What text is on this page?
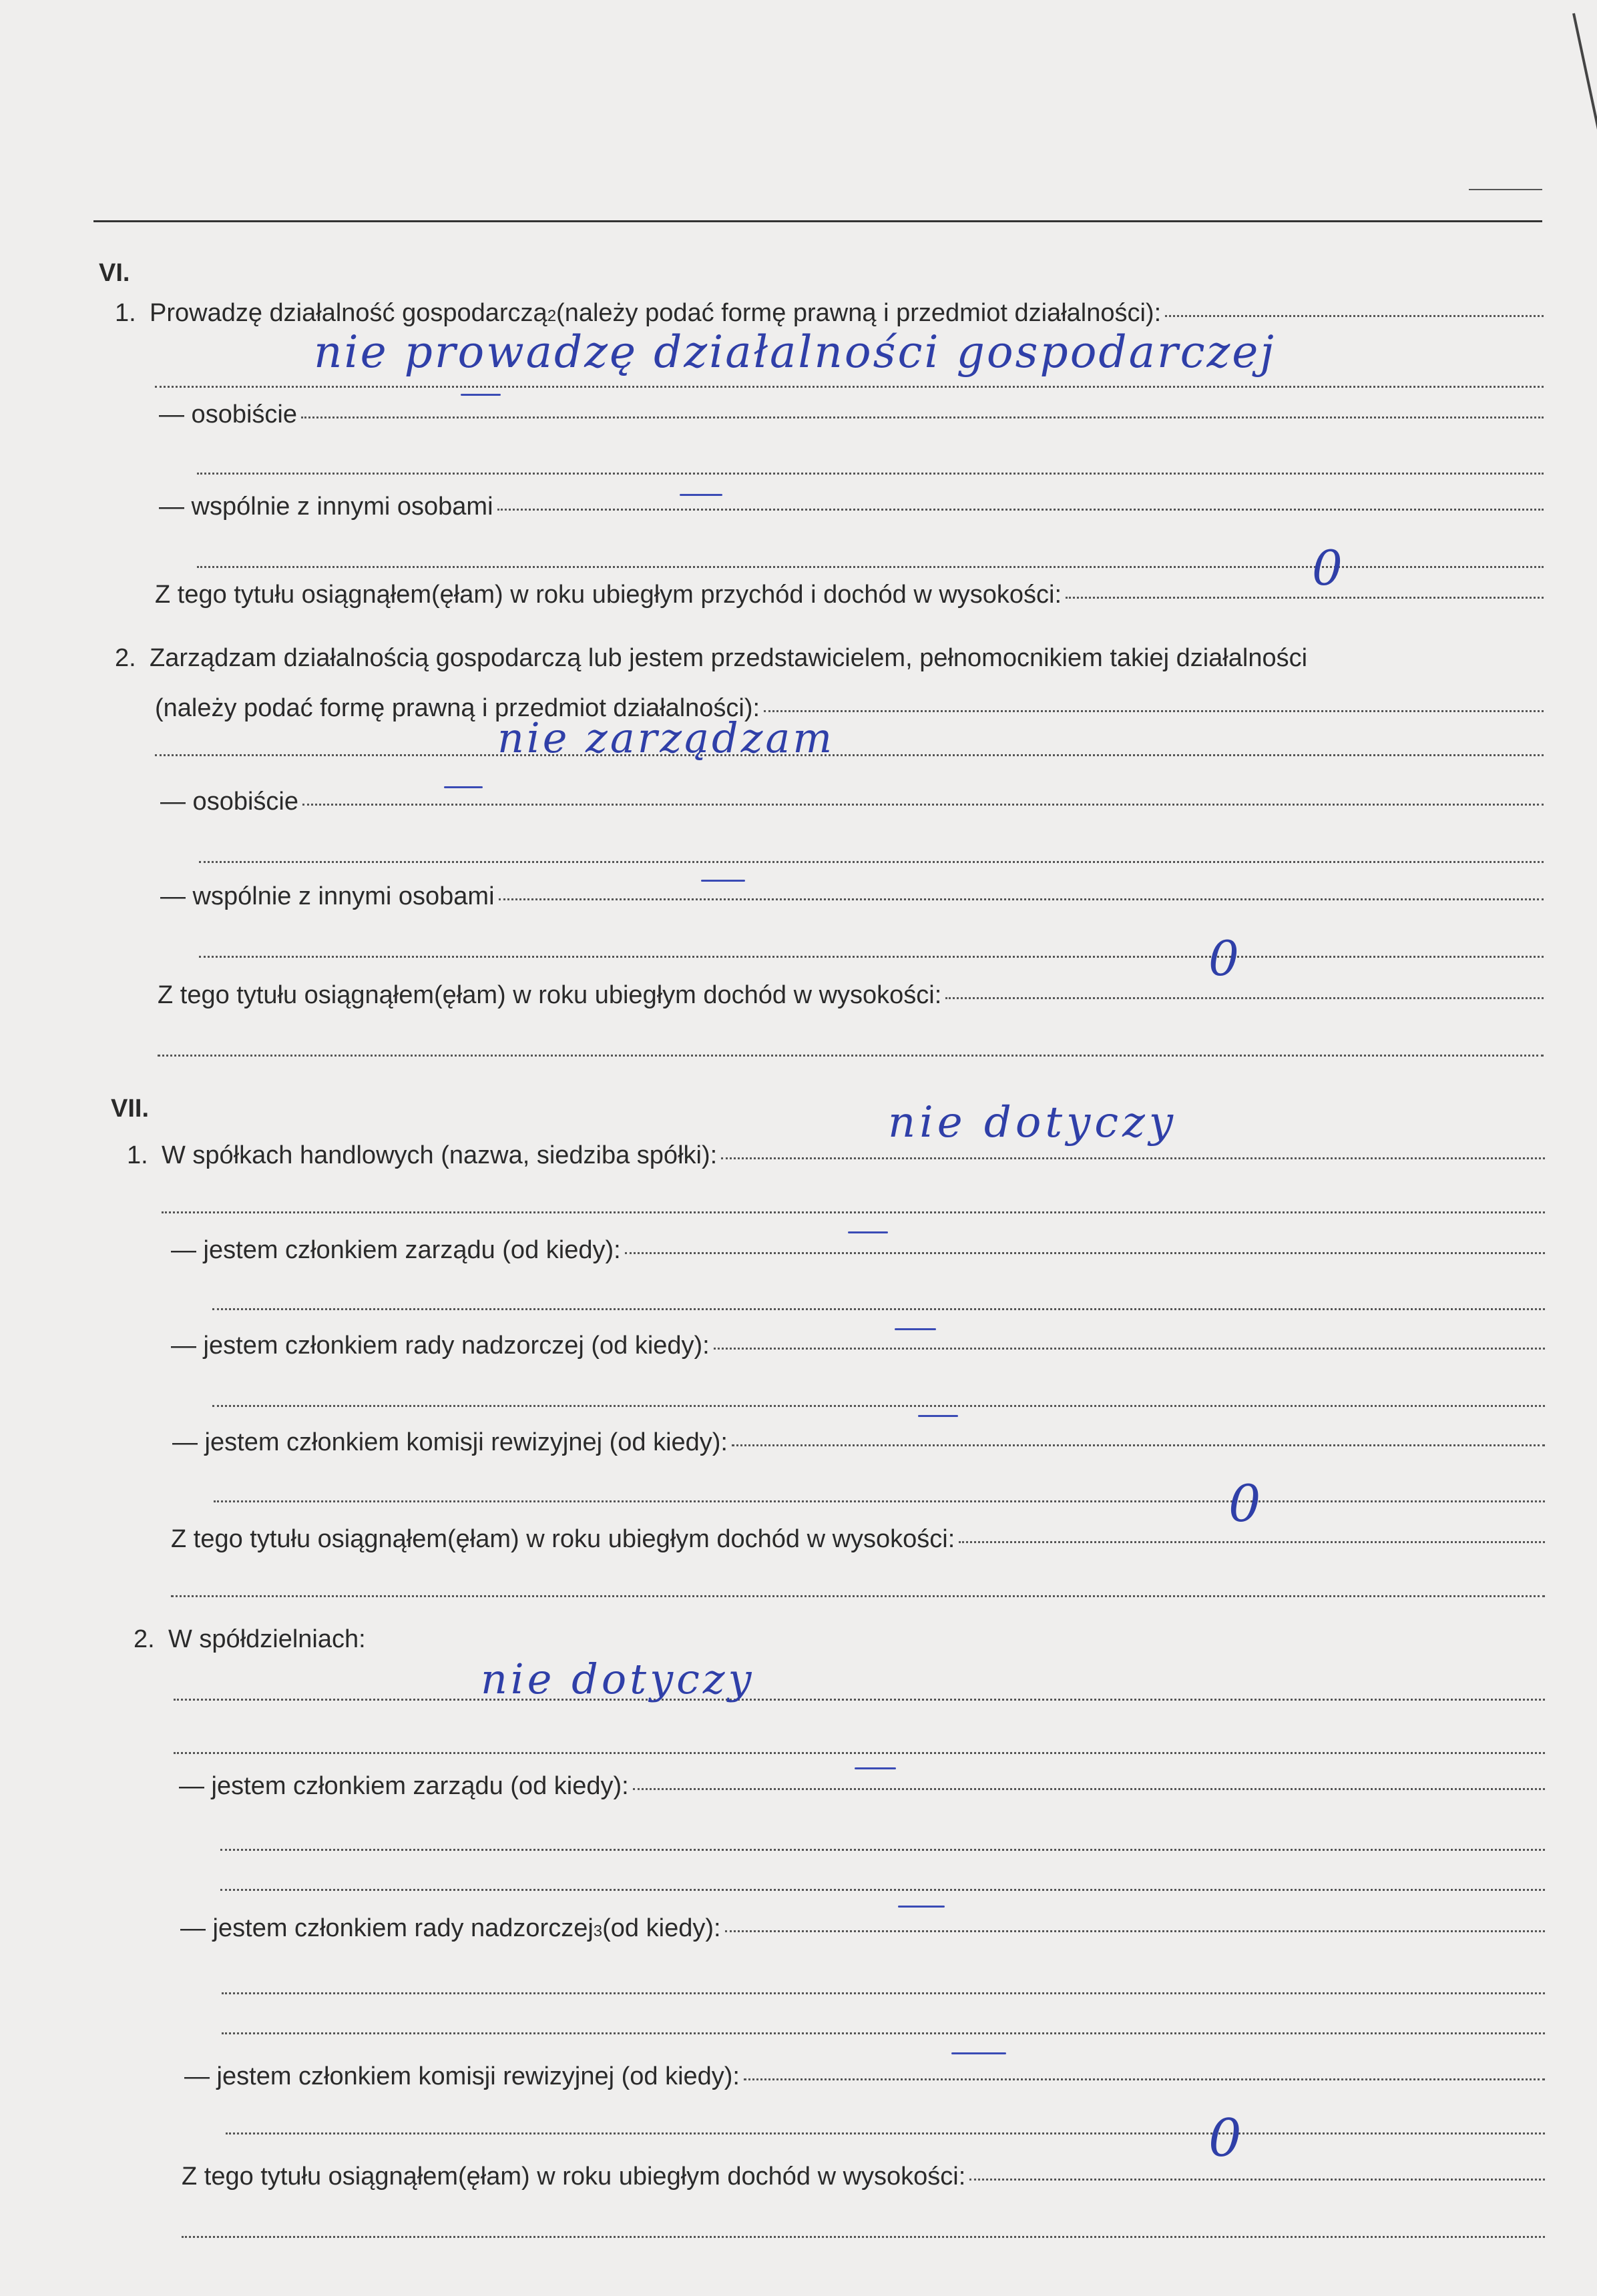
VI.
1. Prowadzę działalność gospodarczą 2 (należy podać formę prawną i przedmiot działalności):
nie prowadzę działalności gospodarczej
— osobiście
— wspólnie z innymi osobami
Z tego tytułu osiągnąłem(ęłam) w roku ubiegłym przychód i dochód w wysokości:	0
2. Zarządzam działalnością gospodarczą lub jestem przedstawicielem, pełnomocnikiem takiej działalności
(należy podać formę prawną i przedmiot działalności):
nie zarządzam
— osobiście
— wspólnie z innymi osobami
Z tego tytułu osiągnąłem(ęłam) w roku ubiegłym dochód w wysokości:
0
VII.
1. W spółkach handlowych (nazwa, siedziba spółki):
nie dotyczy
— jestem członkiem zarządu (od kiedy):
— jestem członkiem rady nadzorczej (od kiedy):
— jestem członkiem komisji rewizyjnej (od kiedy):
Z tego tytułu osiągnąłem(ęłam) w roku ubiegłym dochód w wysokości:
0
2. W spółdzielniach:
nie dotyczy
— jestem członkiem zarządu (od kiedy):
— jestem członkiem rady nadzorczej 3 (od kiedy):
— jestem członkiem komisji rewizyjnej (od kiedy):
Z tego tytułu osiągnąłem(ęłam) w roku ubiegłym dochód w wysokości:
0
